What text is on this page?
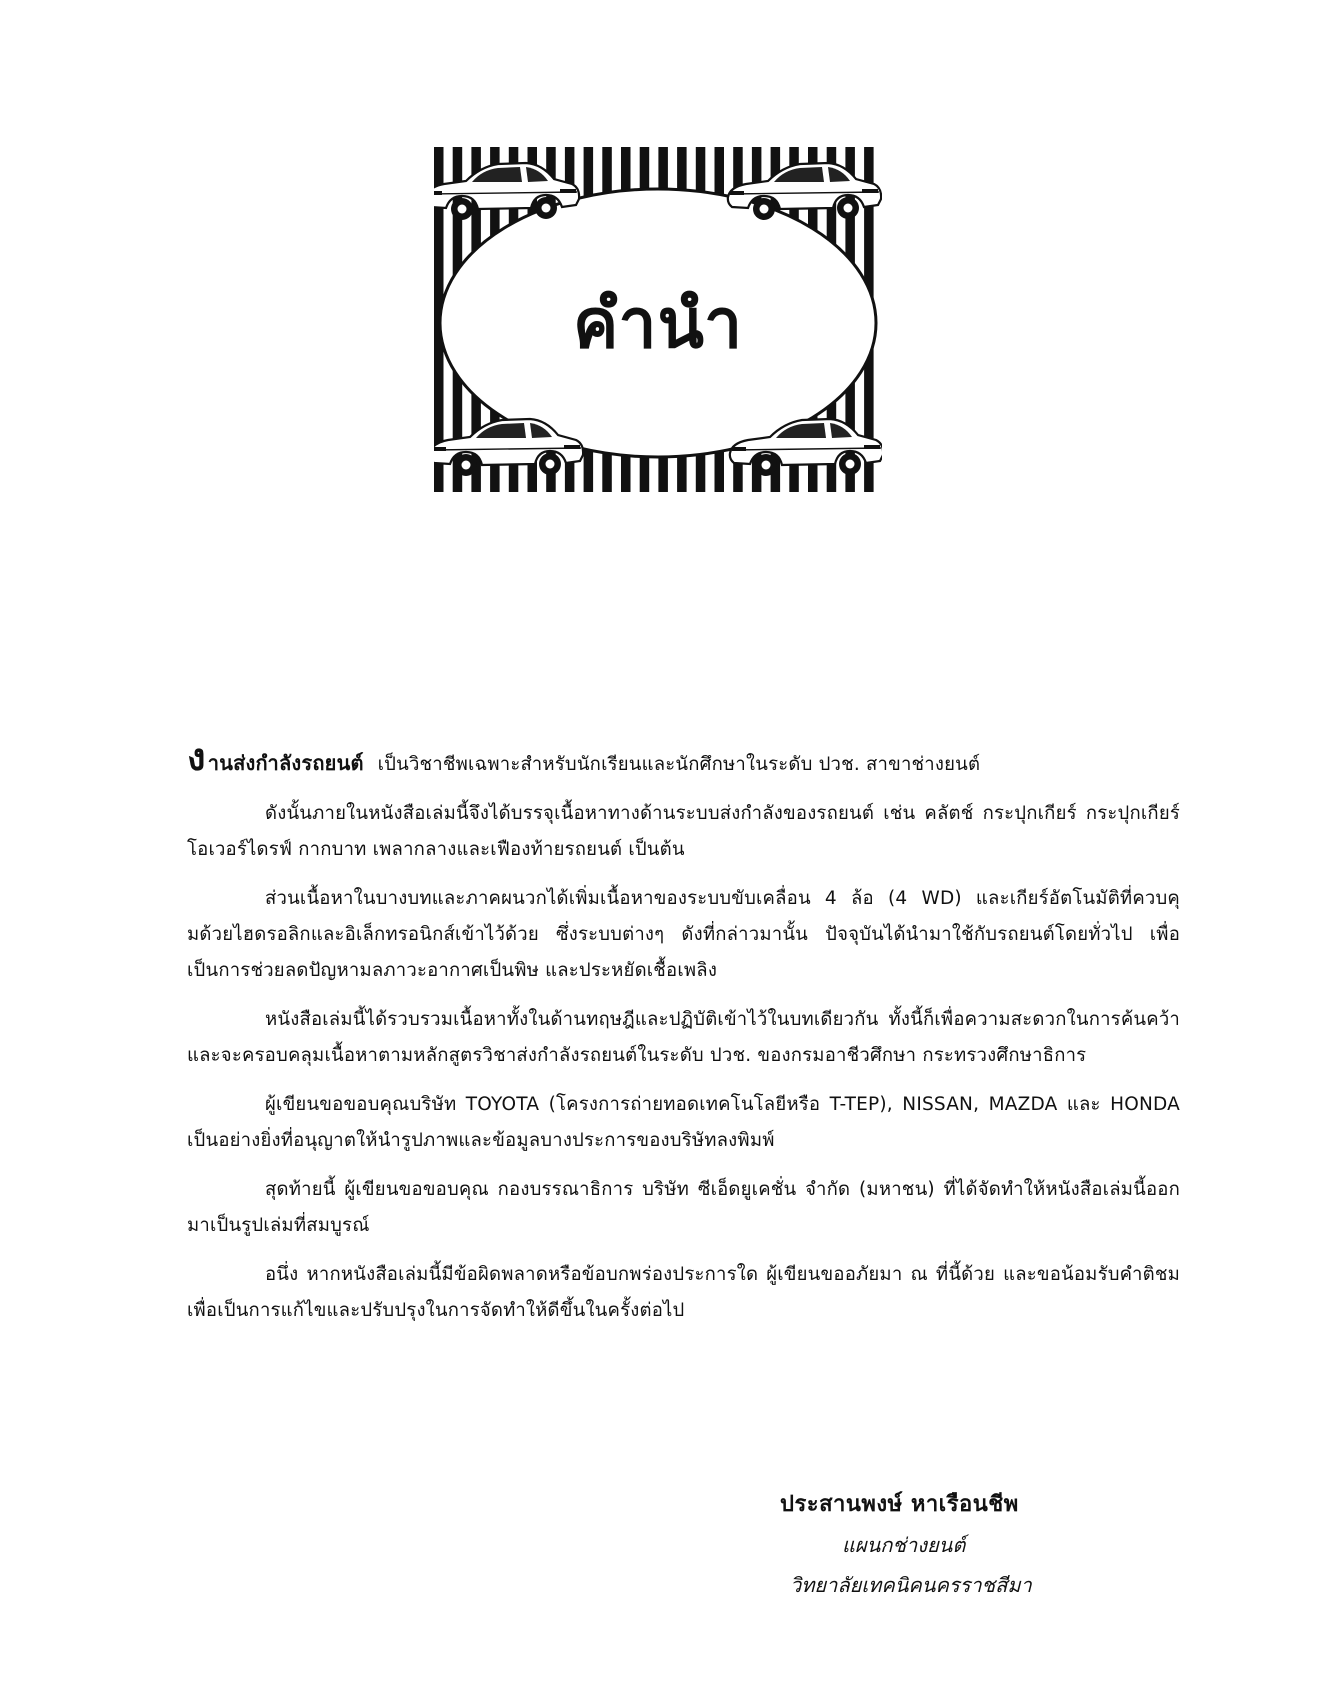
คำนำ

งานส่งกำลังรถยนต์ เป็นวิชาชีพเฉพาะสำหรับนักเรียนและนักศึกษาในระดับ ปวช. สาขาช่างยนต์

ดังนั้นภายในหนังสือเล่มนี้จึงได้บรรจุเนื้อหาทางด้านระบบส่งกำลังของรถยนต์ เช่น คลัตช์ กระปุกเกียร์ กระปุกเกียร์โอเวอร์ไดรฟ์ กากบาท เพลากลางและเฟืองท้ายรถยนต์ เป็นต้น

ส่วนเนื้อหาในบางบทและภาคผนวกได้เพิ่มเนื้อหาของระบบขับเคลื่อน 4 ล้อ (4 WD) และเกียร์อัตโนมัติที่ควบคุมด้วยไฮดรอลิกและอิเล็กทรอนิกส์เข้าไว้ด้วย ซึ่งระบบต่างๆ ดังที่กล่าวมานั้น ปัจจุบันได้นำมาใช้กับรถยนต์โดยทั่วไป เพื่อเป็นการช่วยลดปัญหามลภาวะอากาศเป็นพิษ และประหยัดเชื้อเพลิง

หนังสือเล่มนี้ได้รวบรวมเนื้อหาทั้งในด้านทฤษฎีและปฏิบัติเข้าไว้ในบทเดียวกัน ทั้งนี้ก็เพื่อความสะดวกในการค้นคว้า และจะครอบคลุมเนื้อหาตามหลักสูตรวิชาส่งกำลังรถยนต์ในระดับ ปวช. ของกรมอาชีวศึกษา กระทรวงศึกษาธิการ

ผู้เขียนขอขอบคุณบริษัท TOYOTA (โครงการถ่ายทอดเทคโนโลยีหรือ T-TEP), NISSAN, MAZDA และ HONDA เป็นอย่างยิ่งที่อนุญาตให้นำรูปภาพและข้อมูลบางประการของบริษัทลงพิมพ์

สุดท้ายนี้ ผู้เขียนขอขอบคุณ กองบรรณาธิการ บริษัท ซีเอ็ดยูเคชั่น จำกัด (มหาชน) ที่ได้จัดทำให้หนังสือเล่มนี้ออกมาเป็นรูปเล่มที่สมบูรณ์

อนึ่ง หากหนังสือเล่มนี้มีข้อผิดพลาดหรือข้อบกพร่องประการใด ผู้เขียนขออภัยมา ณ ที่นี้ด้วย และขอน้อมรับคำติชมเพื่อเป็นการแก้ไขและปรับปรุงในการจัดทำให้ดีขึ้นในครั้งต่อไป

ประสานพงษ์ หาเรือนชีพ
แผนกช่างยนต์
วิทยาลัยเทคนิคนครราชสีมา
